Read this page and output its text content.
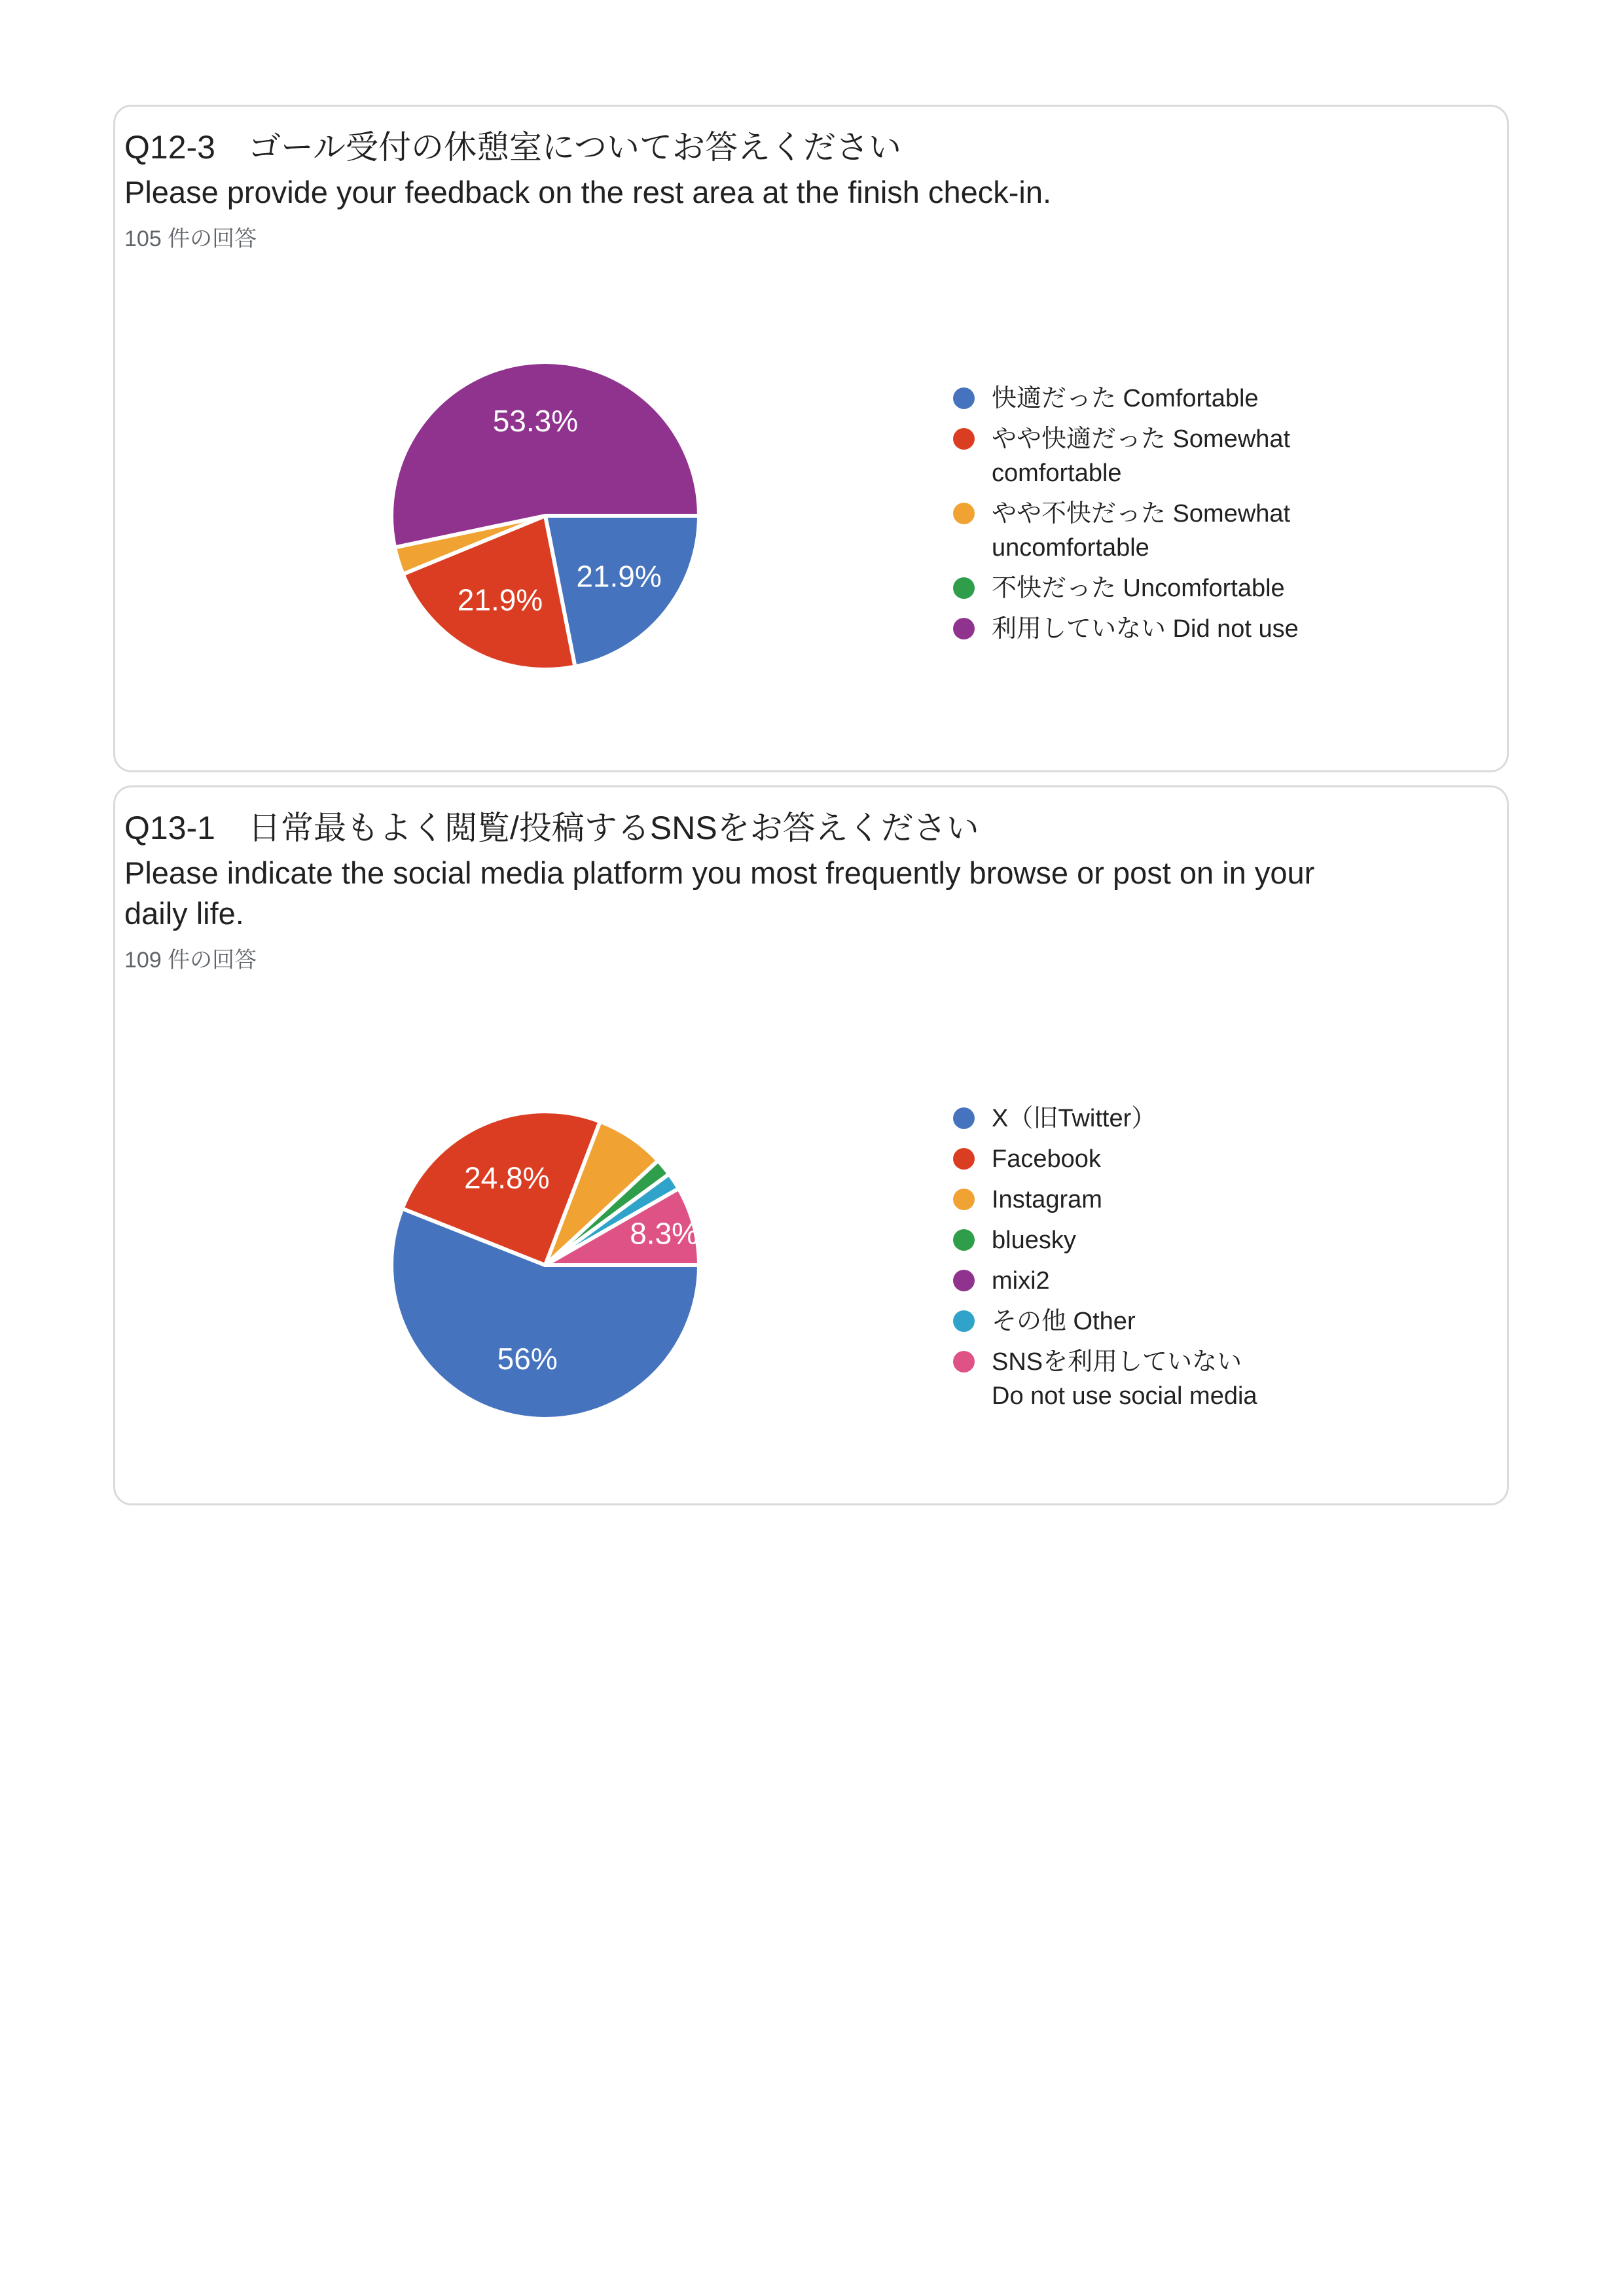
Q12-3　ゴール受付の休憩室についてお答えください
Please provide your feedback on the rest area at the finish check-in.
105 件の回答
21.9%
21.9%
53.3%
快適だった Comfortable
やや快適だった Somewhat
comfortable
やや不快だった Somewhat
uncomfortable
不快だった Uncomfortable
利用していない Did not use
Q13-1　日常最もよく閲覧/投稿するSNSをお答えください
Please indicate the social media platform you most frequently browse or post on in your daily life.
109 件の回答
56%
24.8%
8.3%
X（旧Twitter）
Facebook
Instagram
bluesky
mixi2
その他 Other
SNSを利用していない
Do not use social media
